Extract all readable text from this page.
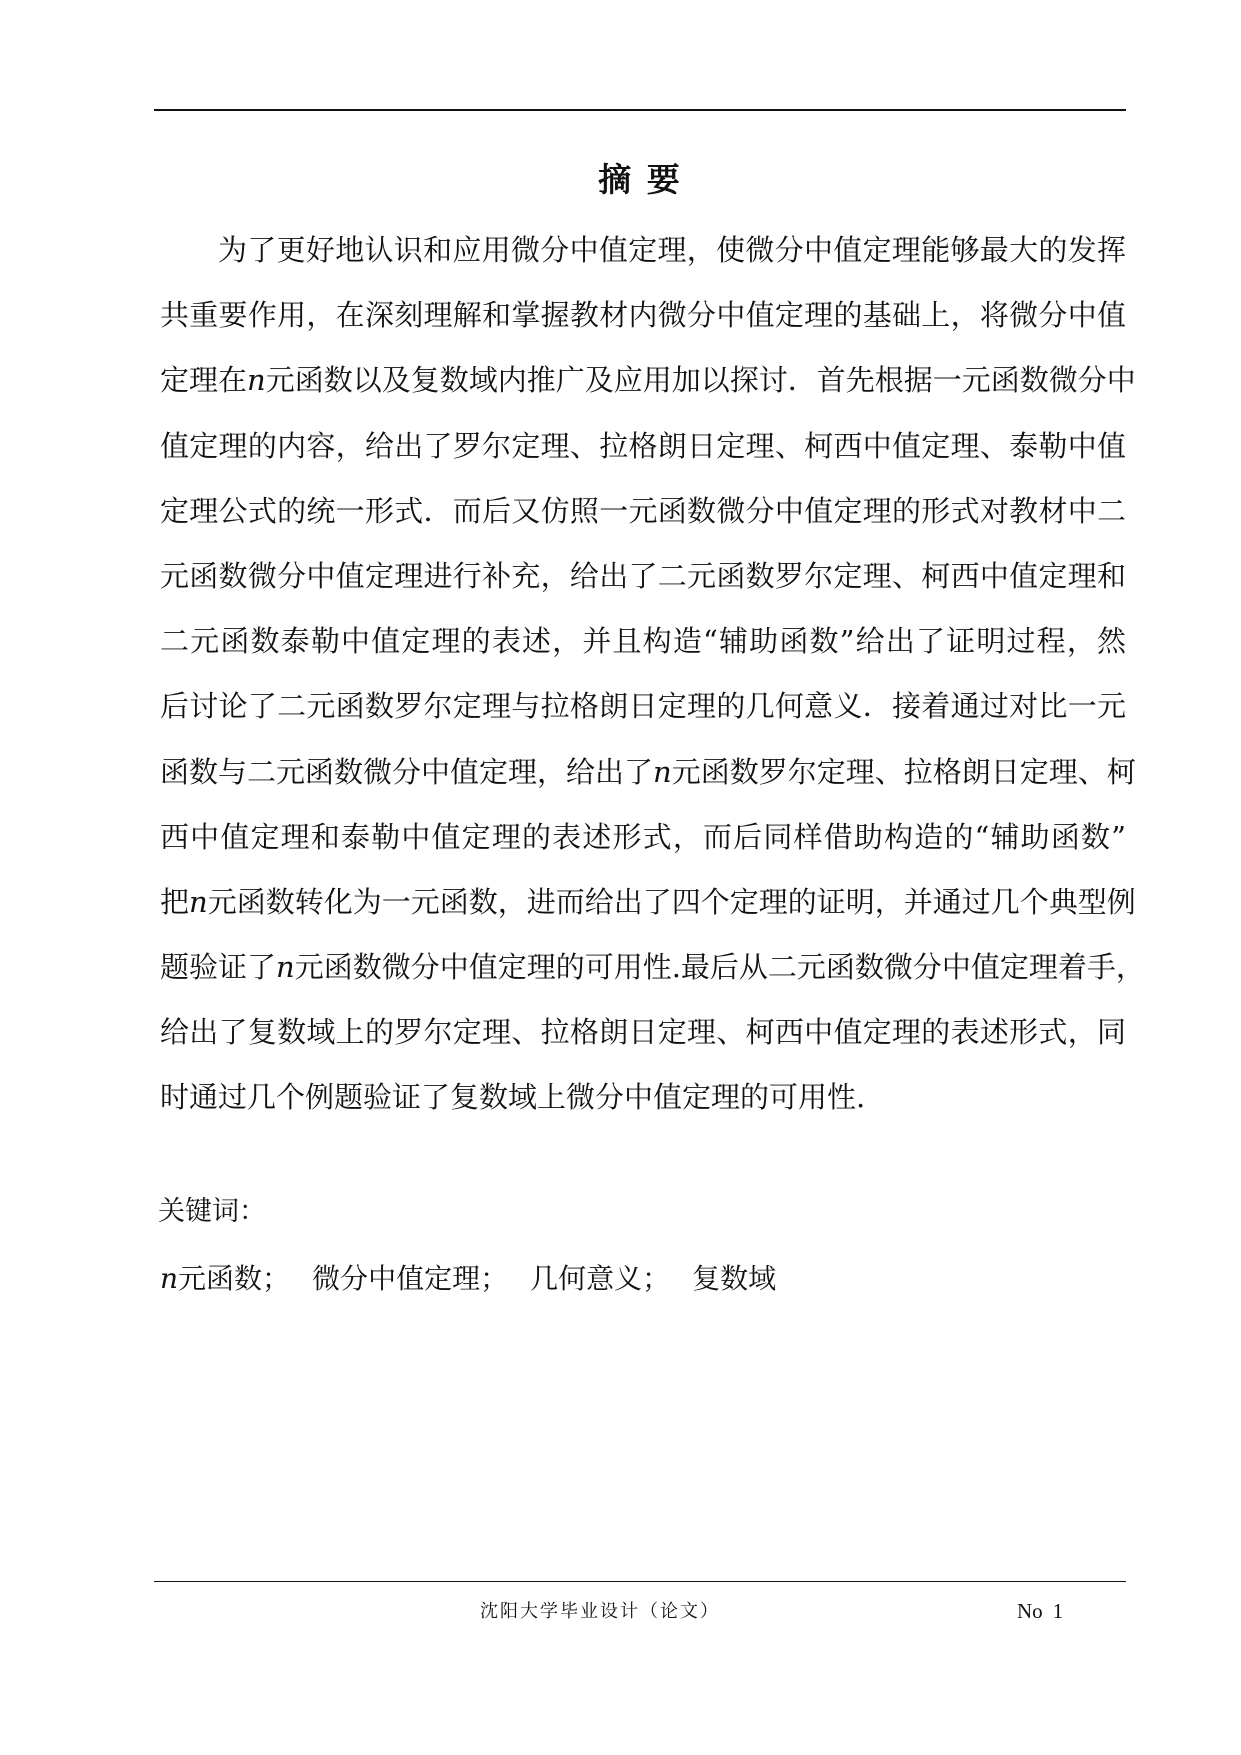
摘 要
为了更好地认识和应用微分中值定理，使微分中值定理能够最大的发挥
共重要作用，在深刻理解和掌握教材内微分中值定理的基础上，将微分中值
定理在n元函数以及复数域内推广及应用加以探讨．首先根据一元函数微分中
值定理的内容，给出了罗尔定理、拉格朗日定理、柯西中值定理、泰勒中值
定理公式的统一形式．而后又仿照一元函数微分中值定理的形式对教材中二
元函数微分中值定理进行补充，给出了二元函数罗尔定理、柯西中值定理和
二元函数泰勒中值定理的表述，并且构造“辅助函数”给出了证明过程，然
后讨论了二元函数罗尔定理与拉格朗日定理的几何意义．接着通过对比一元
函数与二元函数微分中值定理，给出了n元函数罗尔定理、拉格朗日定理、柯
西中值定理和泰勒中值定理的表述形式，而后同样借助构造的“辅助函数”
把n元函数转化为一元函数，进而给出了四个定理的证明，并通过几个典型例
题验证了n元函数微分中值定理的可用性.最后从二元函数微分中值定理着手，
给出了复数域上的罗尔定理、拉格朗日定理、柯西中值定理的表述形式，同
时通过几个例题验证了复数域上微分中值定理的可用性.
关键词：
n元函数； 微分中值定理； 几何意义； 复数域
沈阳大学毕业设计（论文）	No 1
